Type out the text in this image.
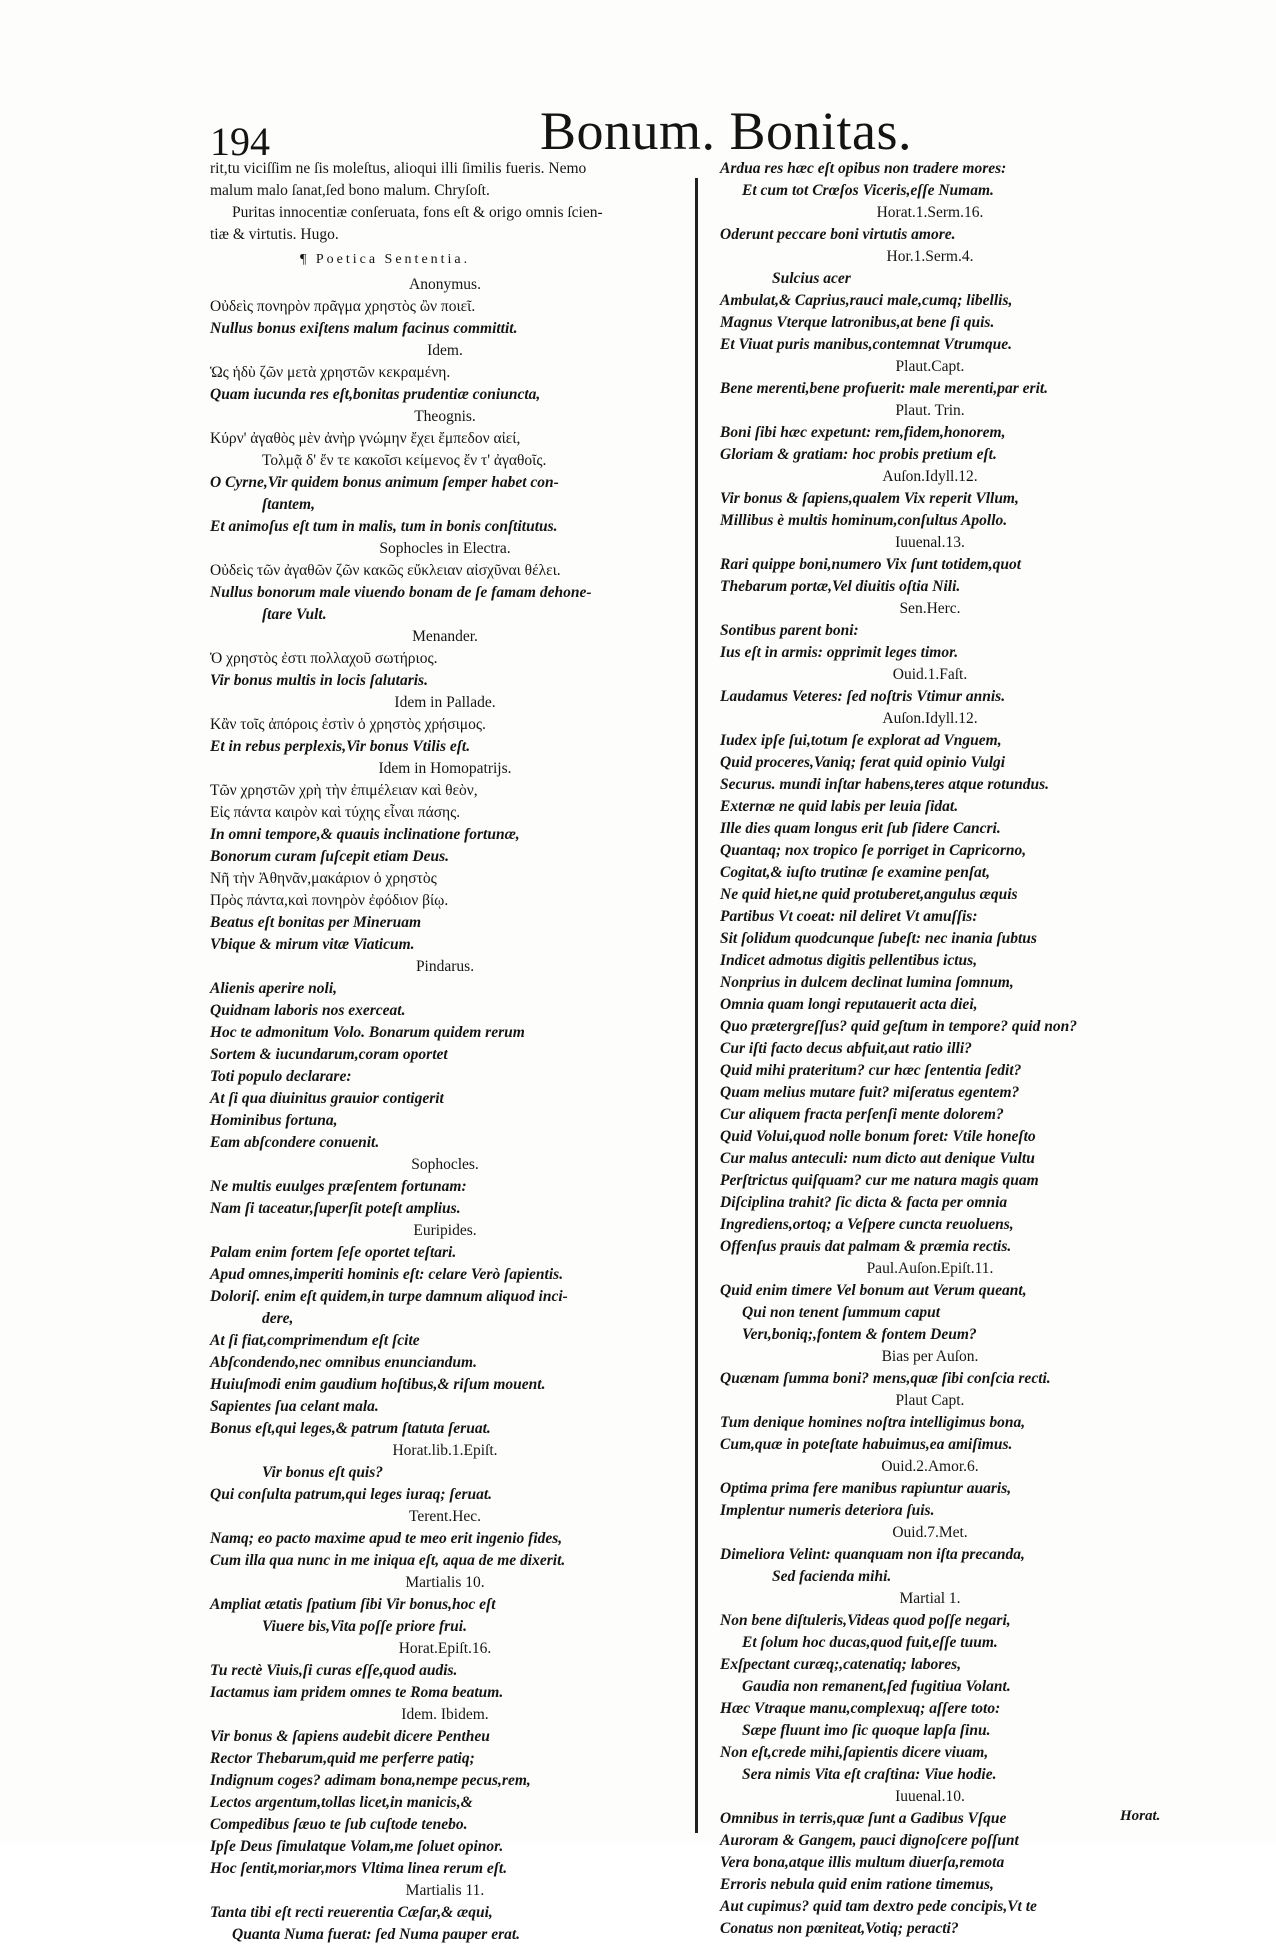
194	Bonum. Bonitas.
rit,tu viciſſim ne ſis moleſtus, alioqui illi ſimilis fueris. Nemo
malum malo ſanat,ſed bono malum. Chryſoſt.
Puritas innocentiæ conſeruata, fons eſt & origo omnis ſcien-
tiæ & virtutis. Hugo.
¶ Poetica Sententia.
Anonymus.
Οὐδεὶς πονηρὸν πρᾶγμα χρηστὸς ὢν ποιεῖ.
Nullus bonus exiſtens malum facinus committit.
Idem.
Ὡς ἡδὺ ζῶν μετὰ χρηστῶν κεκραμένη.
Quam iucunda res eſt,bonitas prudentiæ coniuncta,
Theognis.
Κύρν' ἀγαθὸς μὲν ἀνὴρ γνώμην ἔχει ἔμπεδον αἰεί,
Τολμᾷ δ' ἔν τε κακοῖσι κείμενος ἔν τ' ἀγαθοῖς.
O Cyrne,Vir quidem bonus animum ſemper habet con-
ſtantem,
Et animoſus eſt tum in malis, tum in bonis conſtitutus.
Sophocles in Electra.
Οὐδεὶς τῶν ἀγαθῶν ζῶν κακῶς εὔκλειαν αἰσχῦναι θέλει.
Nullus bonorum male viuendo bonam de ſe famam dehone-
ſtare Vult.
Menander.
Ὁ χρηστὸς ἐστι πολλαχοῦ σωτήριος.
Vir bonus multis in locis ſalutaris.
Idem in Pallade.
Κἂν τοῖς ἀπόροις ἐστὶν ὁ χρηστὸς χρήσιμος.
Et in rebus perplexis,Vir bonus Vtilis eſt.
Idem in Homopatrijs.
Τῶν χρηστῶν χρὴ τὴν ἐπιμέλειαν καὶ θεὸν,
Εἰς πάντα καιρὸν καὶ τύχης εἶναι πάσης.
In omni tempore,& quauis inclinatione fortunæ,
Bonorum curam ſuſcepit etiam Deus.
Νῆ τὴν Ἀθηνᾶν,μακάριον ὁ χρηστὸς
Πρὸς πάντα,καὶ πονηρὸν ἐφόδιον βίῳ.
Beatus eſt bonitas per Mineruam
Vbique & mirum vitæ Viaticum.
Pindarus.
Alienis aperire noli,
Quidnam laboris nos exerceat.
Hoc te admonitum Volo. Bonarum quidem rerum
Sortem & iucundarum,coram oportet
Toti populo declarare:
At ſi qua diuinitus grauior contigerit
Hominibus fortuna,
Eam abſcondere conuenit.
Sophocles.
Ne multis euulges præſentem fortunam:
Nam ſi taceatur,ſuperſit poteſt amplius.
Euripides.
Palam enim fortem ſeſe oportet teſtari.
Apud omnes,imperiti hominis eſt: celare Verò ſapientis.
Doloriſ. enim eſt quidem,in turpe damnum aliquod inci-
dere,
At ſi fiat,comprimendum eſt ſcite
Abſcondendo,nec omnibus enunciandum.
Huiuſmodi enim gaudium hoſtibus,& riſum mouent.
Sapientes ſua celant mala.
Bonus eſt,qui leges,& patrum ſtatuta ſeruat.
Horat.lib.1.Epiſt.
Vir bonus eſt quis?
Qui conſulta patrum,qui leges iuraq; ſeruat.
Terent.Hec.
Namq; eo pacto maxime apud te meo erit ingenio fides,
Cum illa qua nunc in me iniqua eſt, aqua de me dixerit.
Martialis 10.
Ampliat ætatis ſpatium ſibi Vir bonus,hoc eſt
Viuere bis,Vita poſſe priore frui.
Horat.Epiſt.16.
Tu rectè Viuis,ſi curas eſſe,quod audis.
Iactamus iam pridem omnes te Roma beatum.
Idem. Ibidem.
Vir bonus & ſapiens audebit dicere Pentheu
Rector Thebarum,quid me perferre patiq;
Indignum coges? adimam bona,nempe pecus,rem,
Lectos argentum,tollas licet,in manicis,&
Compedibus ſæuo te ſub cuſtode tenebo.
Ipſe Deus ſimulatque Volam,me ſoluet opinor.
Hoc ſentit,moriar,mors Vltima linea rerum eſt.
Martialis 11.
Tanta tibi eſt recti reuerentia Cæſar,& æqui,
Quanta Numa fuerat: ſed Numa pauper erat.
Ardua res hæc eſt opibus non tradere mores:
Et cum tot Crœſos Viceris,eſſe Numam.
Horat.1.Serm.16.
Oderunt peccare boni virtutis amore.
Hor.1.Serm.4.
Sulcius acer
Ambulat,& Caprius,rauci male,cumq; libellis,
Magnus Vterque latronibus,at bene ſi quis.
Et Viuat puris manibus,contemnat Vtrumque.
Plaut.Capt.
Bene merenti,bene profuerit: male merenti,par erit.
Plaut. Trin.
Boni ſibi hæc expetunt: rem,fidem,honorem,
Gloriam & gratiam: hoc probis pretium eſt.
Auſon.Idyll.12.
Vir bonus & ſapiens,qualem Vix reperit Vllum,
Millibus è multis hominum,conſultus Apollo.
Iuuenal.13.
Rari quippe boni,numero Vix ſunt totidem,quot
Thebarum portæ,Vel diuitis oſtia Nili.
Sen.Herc.
Sontibus parent boni:
Ius eſt in armis: opprimit leges timor.
Ouid.1.Faſt.
Laudamus Veteres: ſed noſtris Vtimur annis.
Auſon.Idyll.12.
Iudex ipſe ſui,totum ſe explorat ad Vnguem,
Quid proceres,Vaniq; ferat quid opinio Vulgi
Securus. mundi inſtar habens,teres atque rotundus.
Externæ ne quid labis per leuia ſidat.
Ille dies quam longus erit ſub ſidere Cancri.
Quantaq; nox tropico ſe porriget in Capricorno,
Cogitat,& iuſto trutinæ ſe examine penſat,
Ne quid hiet,ne quid protuberet,angulus æquis
Partibus Vt coeat: nil deliret Vt amuſſis:
Sit ſolidum quodcunque ſubeſt: nec inania ſubtus
Indicet admotus digitis pellentibus ictus,
Nonprius in dulcem declinat lumina ſomnum,
Omnia quam longi reputauerit acta diei,
Quo prætergreſſus? quid geſtum in tempore? quid non?
Cur iſti facto decus abfuit,aut ratio illi?
Quid mihi prateritum? cur hæc ſententia ſedit?
Quam melius mutare fuit? miſeratus egentem?
Cur aliquem fracta perſenſi mente dolorem?
Quid Volui,quod nolle bonum foret: Vtile honeſto
Cur malus anteculi: num dicto aut denique Vultu
Perſtrictus quiſquam? cur me natura magis quam
Diſciplina trahit? ſic dicta & facta per omnia
Ingrediens,ortoq; a Veſpere cuncta reuoluens,
Offenſus prauis dat palmam & præmia rectis.
Paul.Auſon.Epiſt.11.
Quid enim timere Vel bonum aut Verum queant,
Qui non tenent ſummum caput
Verι,boniq;,fontem & fontem Deum?
Bias per Auſon.
Quænam ſumma boni? mens,quæ ſibi conſcia recti.
Plaut Capt.
Tum denique homines noſtra intelligimus bona,
Cum,quæ in poteſtate habuimus,ea amiſimus.
Ouid.2.Amor.6.
Optima prima fere manibus rapiuntur auaris,
Implentur numeris deteriora ſuis.
Ouid.7.Met.
Dimeliora Velint: quanquam non iſta precanda,
Sed facienda mihi.
Martial 1.
Non bene diſtuleris,Videas quod poſſe negari,
Et ſolum hoc ducas,quod fuit,eſſe tuum.
Exſpectant curæq;,catenatiq; labores,
Gaudia non remanent,ſed fugitiua Volant.
Hæc Vtraque manu,complexuq; aſſere toto:
Sæpe fluunt imo ſic quoque lapſa ſinu.
Non eſt,crede mihi,ſapientis dicere viuam,
Sera nimis Vita eſt craſtina: Viue hodie.
Iuuenal.10.
Omnibus in terris,quæ ſunt a Gadibus Vſque
Auroram & Gangem, pauci dignoſcere poſſunt
Vera bona,atque illis multum diuerſa,remota
Erroris nebula quid enim ratione timemus,
Aut cupimus? quid tam dextro pede concipis,Vt te
Conatus non pœniteat,Votiq; peracti?
Horat.
